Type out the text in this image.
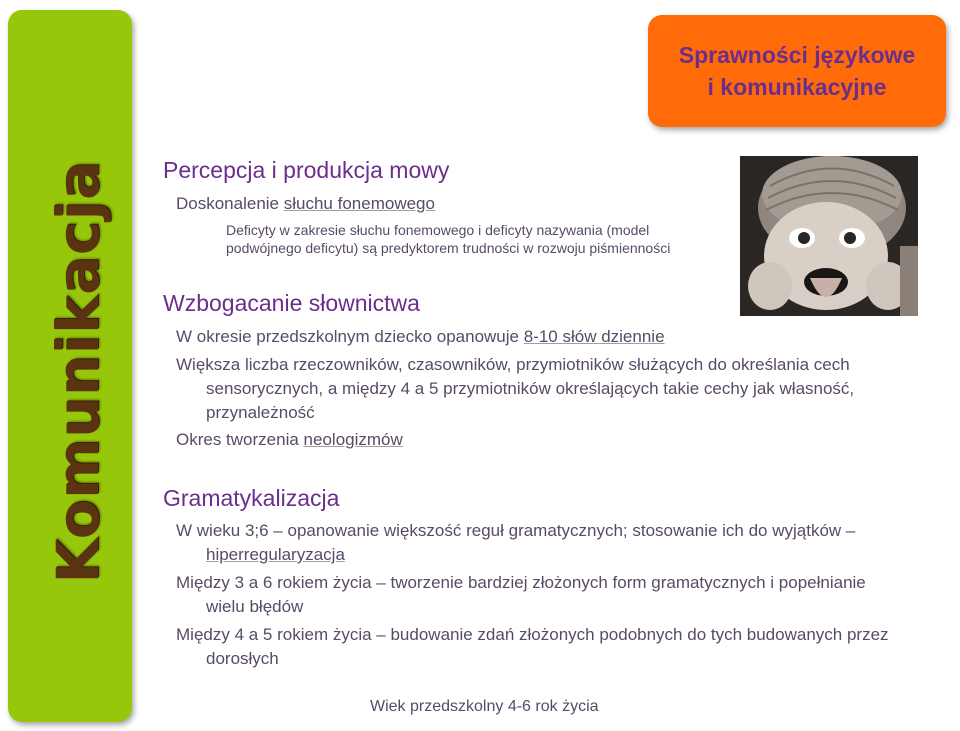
Komunikacja
Sprawności językowe
i komunikacyjne
Percepcja i produkcja mowy
Doskonalenie słuchu fonemowego
Deficyty w zakresie słuchu fonemowego i deficyty nazywania (model
podwójnego deficytu) są predyktorem trudności w rozwoju piśmienności
Wzbogacanie słownictwa
W okresie przedszkolnym dziecko opanowuje 8-10 słów dziennie
Większa liczba rzeczowników, czasowników, przymiotników służących do określania cech
sensorycznych, a między 4 a 5 przymiotników określających takie cechy jak własność,
przynależność
Okres tworzenia neologizmów
Gramatykalizacja
W wieku 3;6 – opanowanie większość reguł gramatycznych; stosowanie ich do wyjątków –
hiperregularyzacja
Między 3 a 6 rokiem życia – tworzenie bardziej złożonych form gramatycznych i popełnianie
wielu błędów
Między 4 a 5 rokiem życia – budowanie zdań złożonych podobnych do tych budowanych przez
dorosłych
Wiek przedszkolny 4-6 rok życia
